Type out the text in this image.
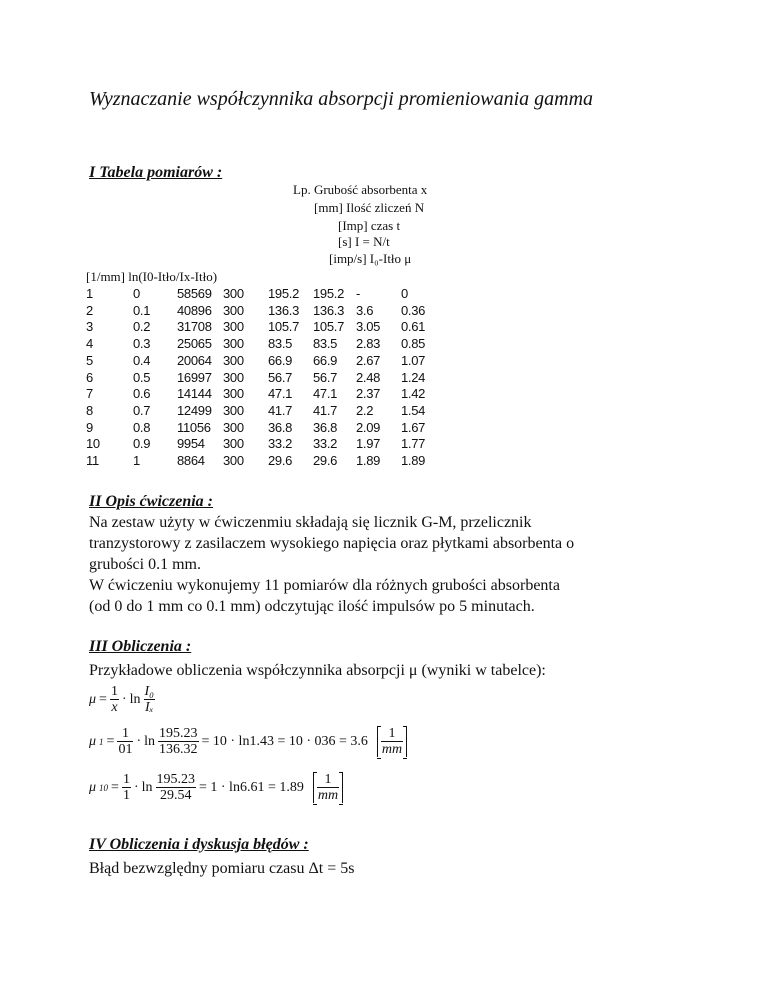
Wyznaczanie współczynnika absorpcji promieniowania gamma
I Tabela pomiarów :
Lp. Grubość absorbenta x
[mm] Ilość zliczeń N
[Imp] czas t
[s] I = N/t
[imp/s] I₀-Itło μ
[1/mm] ln(I0-Itło/Ix-Itło)
1	0	58569	300	195.2	195.2	-	0
2	0.1	40896	300	136.3	136.3	3.6	0.36
3	0.2	31708	300	105.7	105.7	3.05	0.61
4	0.3	25065	300	83.5	83.5	2.83	0.85
5	0.4	20064	300	66.9	66.9	2.67	1.07
6	0.5	16997	300	56.7	56.7	2.48	1.24
7	0.6	14144	300	47.1	47.1	2.37	1.42
8	0.7	12499	300	41.7	41.7	2.2	1.54
9	0.8	11056	300	36.8	36.8	2.09	1.67
10	0.9	9954	300	33.2	33.2	1.97	1.77
11	1	8864	300	29.6	29.6	1.89	1.89
II Opis ćwiczenia :
Na zestaw użyty w ćwiczenmiu składają się licznik G-M, przelicznik
tranzystorowy z zasilaczem wysokiego napięcia oraz płytkami absorbenta o
grubości 0.1 mm.
W ćwiczeniu wykonujemy 11 pomiarów dla różnych grubości absorbenta
(od 0 do 1 mm co 0.1 mm) odczytując ilość impulsów po 5 minutach.
III Obliczenia :
Przykładowe obliczenia współczynnika absorpcji μ (wyniki w tabelce):
$\mu = \frac{1}{x} \cdot \ln \frac{\text{I₀}}{\text{Iₓ}}$
μ $1 = \frac{1}{01} \cdot \ln \frac{195.23}{136.32} = 10 \cdot \ln 1.43 = 10 \cdot 036 = 3.6 \frac{1}{mm}$
μ $10 = \frac{1}{1} \cdot \ln \frac{195.23}{29.54} = 1 \cdot \ln 6.61 = 1.89 \frac{1}{mm}$
IV Obliczenia i dyskusja błędów :
Błąd bezwzględny pomiaru czasu Δt = 5s
